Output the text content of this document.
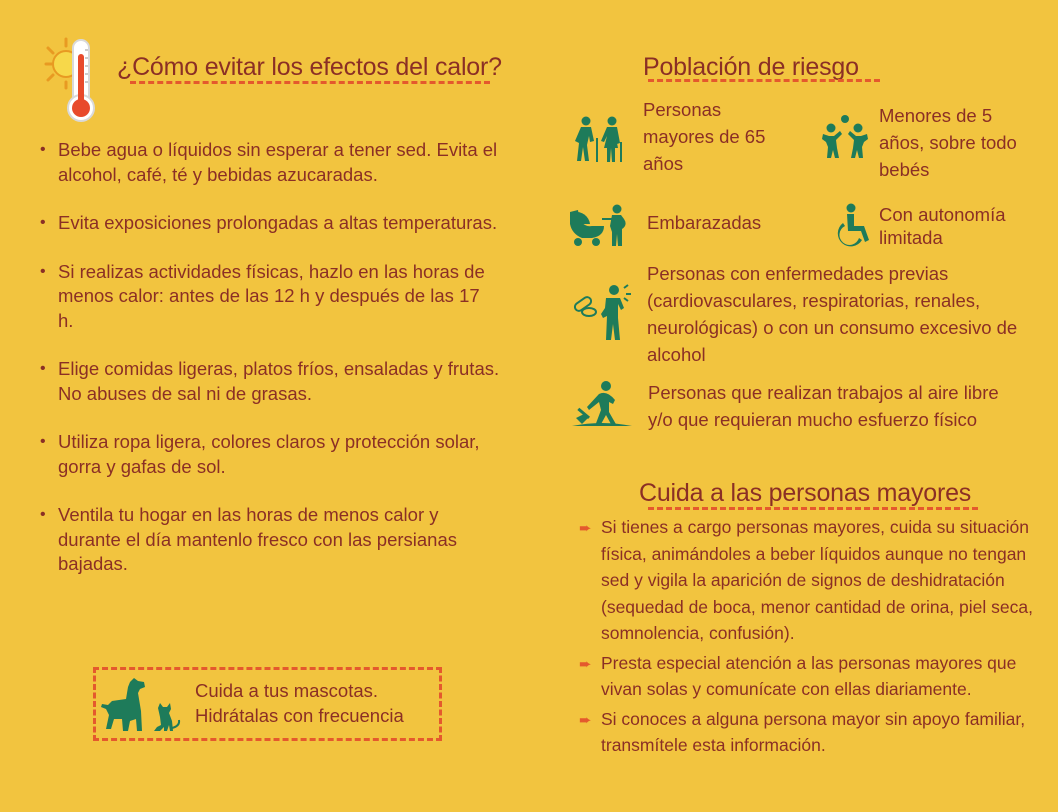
¿Cómo evitar los efectos del calor?
• Bebe agua o líquidos sin esperar a tener sed. Evita el alcohol, café, té y bebidas azucaradas.
• Evita exposiciones prolongadas a altas temperaturas.
• Si realizas actividades físicas, hazlo en las horas de menos calor: antes de las 12 h y después de las 17 h.
• Elige comidas ligeras, platos fríos, ensaladas y frutas. No abuses de sal ni de grasas.
• Utiliza ropa ligera, colores claros y protección solar, gorra y gafas de sol.
• Ventila tu hogar en las horas de menos calor y durante el día mantenlo fresco con las persianas bajadas.
Cuida a tus mascotas.
Hidrátalas con frecuencia
Población de riesgo
Personas mayores de 65 años
Menores de 5 años, sobre todo bebés
Embarazadas	Con autonomía limitada
Personas con enfermedades previas (cardiovasculares, respiratorias, renales, neurológicas) o con un consumo excesivo de alcohol
Personas que realizan trabajos al aire libre y/o que requieran mucho esfuerzo físico
Cuida a las personas mayores
➨ Si tienes a cargo personas mayores, cuida su situación física, animándoles a beber líquidos aunque no tengan sed y vigila la aparición de signos de deshidratación (sequedad de boca, menor cantidad de orina, piel seca, somnolencia, confusión).
➨ Presta especial atención a las personas mayores que vivan solas y comunícate con ellas diariamente.
➨ Si conoces a alguna persona mayor sin apoyo familiar, transmítele esta información.
